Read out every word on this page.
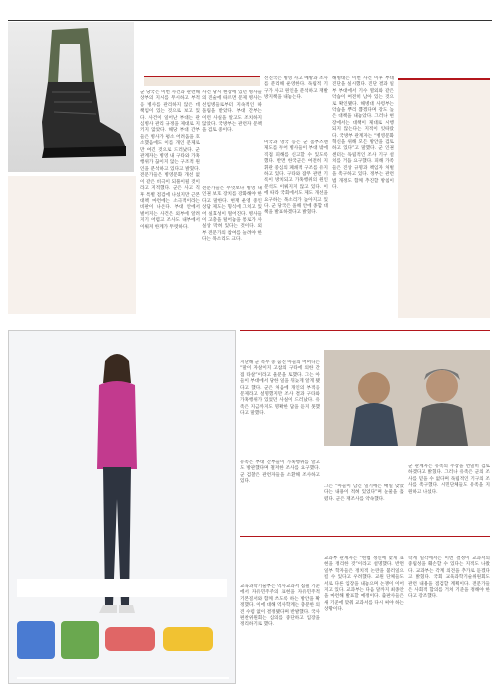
군 당국은 이번 사건과 관련해 상부의 지시를 무시하고 부적응 병사를 관리하지 않은 데 책임이 있는 것으로 보고 있다. 사건이 일어난 부대는 관심병사 관리 규정을 제대로 지키지 않았다. 해당 부대 간부들은 병사가 평소 어려움을 호소했음에도 이를 개인 문제로만 여긴 것으로 드러났다. 군 관계자는 병영 내 구타와 가혹행위가 끊이지 않는 구조적 원인을 분석하고 있다고 밝혔다. 전문가들은 병영문화 개선 없이 같은 비극이 되풀이될 것이라고 지적했다. 군은 사고 직후 특별 점검에 나섰지만 근본 대책 마련에는 소극적이라는 비판이 나온다. 부대 안에서 벌어지는 사건은 외부에 알려지기 어렵고 조사도 내부에서 이뤄져 한계가 뚜렷하다.
사건 당시 현장에 있던 병사들의 진술에 따르면 문제 병사는 선임병들로부터 지속적인 따돌림을 받았다. 부대 간부는 이런 사실을 알고도 조치하지 않았다. 국방부는 관련자 문책을 검토 중이다.
전문가들은 무엇보다 병영 내 인권 보호 장치를 강화해야 한다고 말한다. 현재 운영 중인 상담 제도는 형식에 그치고 있어 실효성이 떨어진다. 병사들이 고충을 털어놓을 통로가 사실상 막혀 있다는 것이다. 외부 전문가의 참여를 늘려야 한다는 목소리도 크다.
선진국은 병영 사고 예방과 조사를 분리해 운영한다. 독립적 기구가 사고 원인을 분석하고 재발 방지책을 내놓는다.
미국과 영국 등은 군 옴부즈맨 제도를 두어 병사들이 부대 밖에 직접 피해를 신고할 수 있도록 했다. 반면 한국군은 여전히 지휘관 중심의 폐쇄적 구조를 유지하고 있다. 구타와 잡무 관련 기록이 방치되고 가혹행위의 원인 분석도 이뤄지지 않고 있다. 이에 따라 국회에서도 제도 개선을 요구하는 목소리가 높아지고 있다. 군 당국은 올해 안에 종합 대책을 발표하겠다고 밝혔다.
해병대는 이번 사건 이후 부대 진단을 실시했다. 진단 결과 일부 부대에서 기수 열외와 같은 악습이 여전히 남아 있는 것으로 확인됐다. 해병대 사령부는 악습을 뿌리 뽑겠다며 강도 높은 대책을 내놓았다. 그러나 현장에서는 대책이 제대로 시행되지 않는다는 지적이 잇따랐다. 국방부 관계자는 “병영문화 혁신을 위해 모든 방안을 검토하고 있다”고 말했다. 군 인권센터는 독립적인 조사 기구 설치를 거듭 요구했다. 피해 가족들은 진상 규명과 책임자 처벌을 촉구하고 있다. 정부는 관련 법 개정도 함께 추진할 방침이다.
지난해 군 복무 중 숨진 아들의 어머니는 “말이 자살이지 고참의 구타에 의한 간접 타살”이라고 울분을 토했다. 그는 아들이 부대에서 당한 일을 뒤늦게 알게 됐다고 했다. 군은 처음에 개인의 부적응 문제라고 설명했지만 조사 결과 구타와 가혹행위가 있었던 사실이 드러났다. 유족은 지금까지도 명확한 답을 듣지 못했다고 말했다.
유족은 부대 간부들이 가혹행위를 알고도 방관했다며 철저한 조사를 요구했다. 군 검찰은 관련자들을 소환해 조사하고 있다.
그는 “아들이 남긴 일기에는 매일 맞았다는 내용이 적혀 있었다”며 눈물을 흘렸다. 군은 재조사를 약속했다.
군 관계자는 유족의 주장을 면밀히 검토하겠다고 밝혔다. 그러나 유족은 군의 조사를 믿을 수 없다며 독립적인 기구의 조사를 촉구했다. 시민단체들도 유족을 지원하고 나섰다.
교육과학기술부는 역사교과서 집필 기준에서 자유민주주의 표현을 자유민주적 기본질서와 함께 쓰도록 하는 방안을 확정했다. 이에 대해 역사학계는 충분한 의견 수렴 없이 결정됐다며 반발했다. 국사편찬위원회는 심의를 중단하고 입장을 정리하기로 했다.
교과부 관계자는 “헌법 정신에 맞게 표현을 정리한 것”이라고 설명했다. 반면 일부 학자들은 정치적 논란을 불러일으킬 수 있다고 우려했다. 교원 단체들도 서로 다른 입장을 내놓으며 논쟁이 이어지고 있다. 교과부는 다음 달까지 최종안을 마련해 발표할 예정이다. 출판사들은 새 기준에 맞춰 교과서를 다시 써야 하는 상황이다.
학계 일각에서는 이번 결정이 교과서의 중립성을 훼손할 수 있다는 지적도 나왔다. 교과부는 각계 의견을 추가로 듣겠다고 밝혔다. 국회 교육과학기술위원회도 관련 내용을 점검할 계획이다. 전문가들은 사회적 합의를 거쳐 기준을 정해야 한다고 강조했다.
